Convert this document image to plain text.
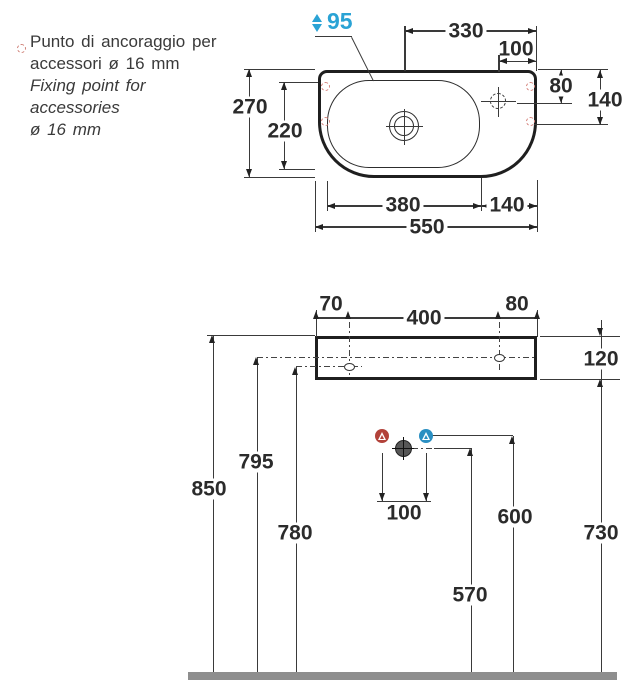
Punto di ancoraggio per
accessori ø 16 mm
Fixing point for accessories
ø 16 mm
95	330
100
80
140
270
220
380	140
550
70
400
80
120
850
795
780
570
600
730
100
